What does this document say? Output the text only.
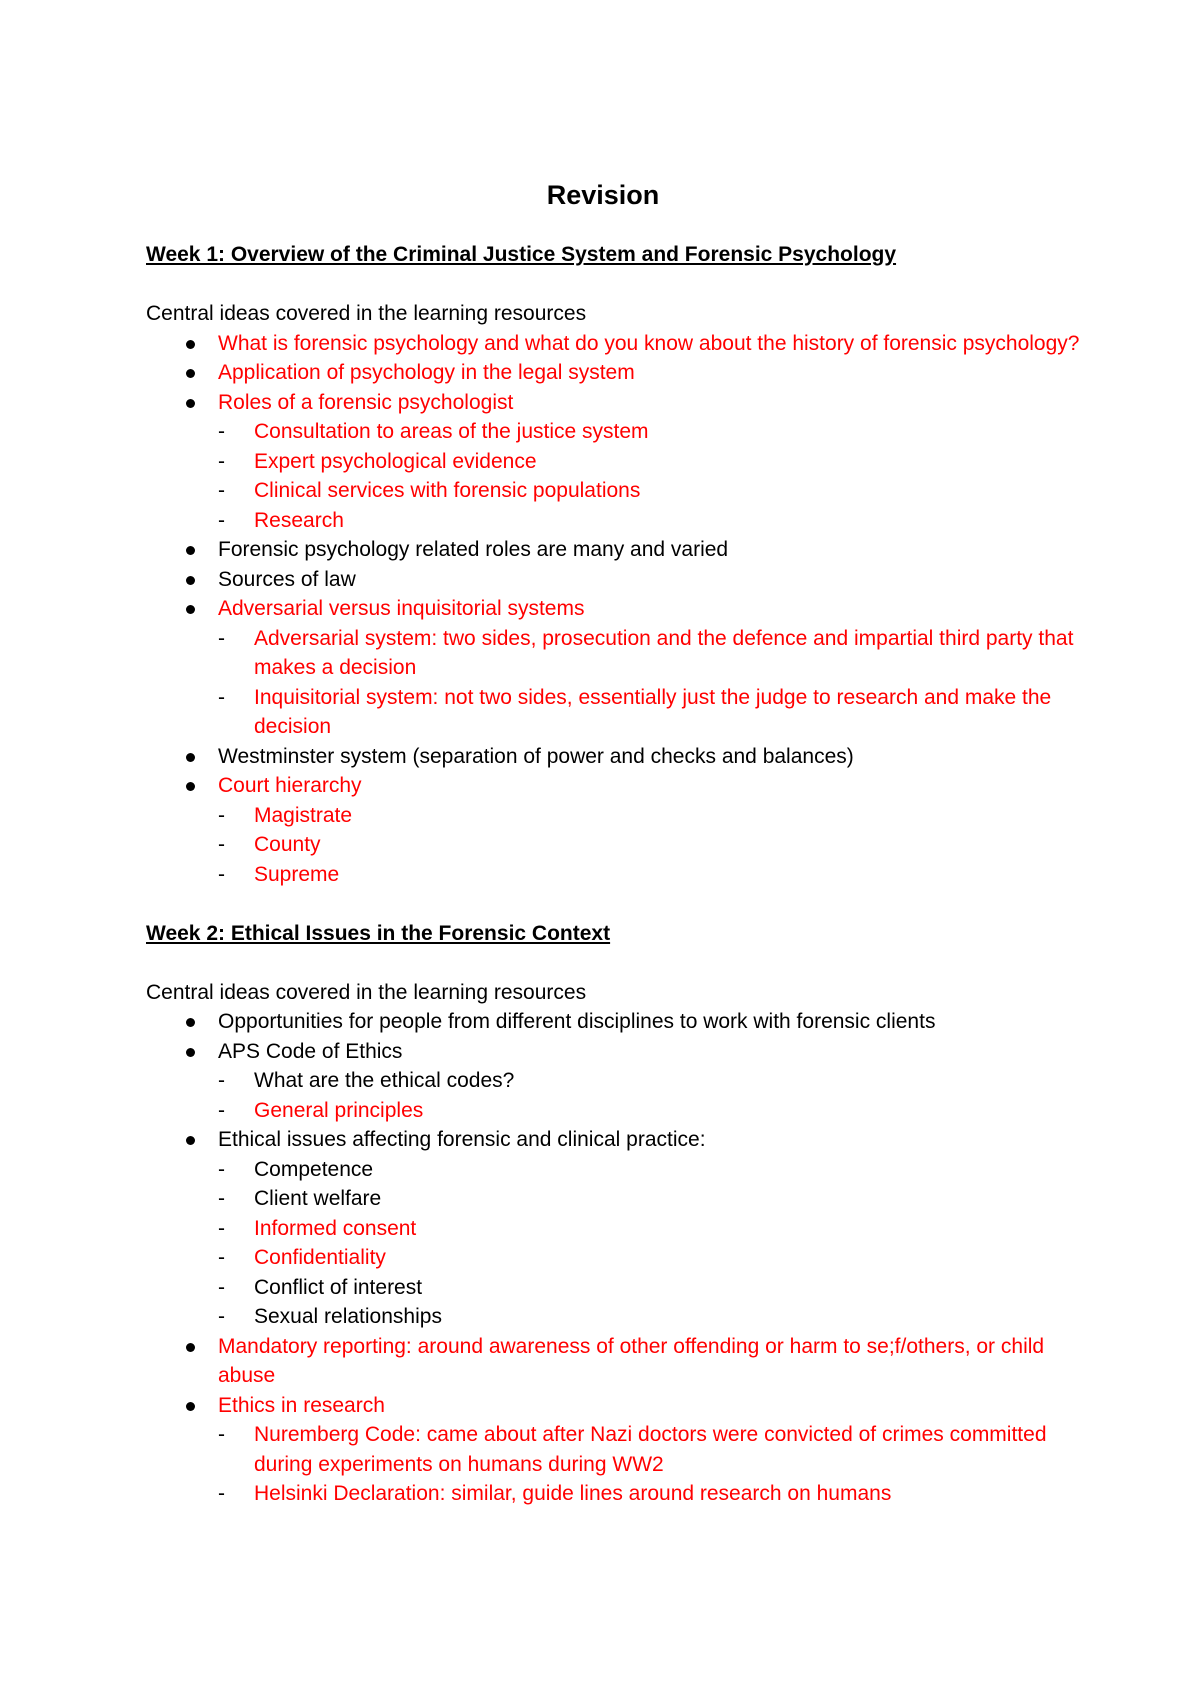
Revision
Week 1: Overview of the Criminal Justice System and Forensic Psychology
Central ideas covered in the learning resources
What is forensic psychology and what do you know about the history of forensic psychology?
Application of psychology in the legal system
Roles of a forensic psychologist
- Consultation to areas of the justice system
- Expert psychological evidence
- Clinical services with forensic populations
- Research
Forensic psychology related roles are many and varied
Sources of law
Adversarial versus inquisitorial systems
- Adversarial system: two sides, prosecution and the defence and impartial third party that makes a decision
- Inquisitorial system: not two sides, essentially just the judge to research and make the decision
Westminster system (separation of power and checks and balances)
Court hierarchy
- Magistrate
- County
- Supreme
Week 2: Ethical Issues in the Forensic Context
Central ideas covered in the learning resources
Opportunities for people from different disciplines to work with forensic clients
APS Code of Ethics
- What are the ethical codes?
- General principles
Ethical issues affecting forensic and clinical practice:
- Competence
- Client welfare
- Informed consent
- Confidentiality
- Conflict of interest
- Sexual relationships
Mandatory reporting: around awareness of other offending or harm to se;f/others, or child abuse
Ethics in research
- Nuremberg Code: came about after Nazi doctors were convicted of crimes committed during experiments on humans during WW2
- Helsinki Declaration: similar, guide lines around research on humans
